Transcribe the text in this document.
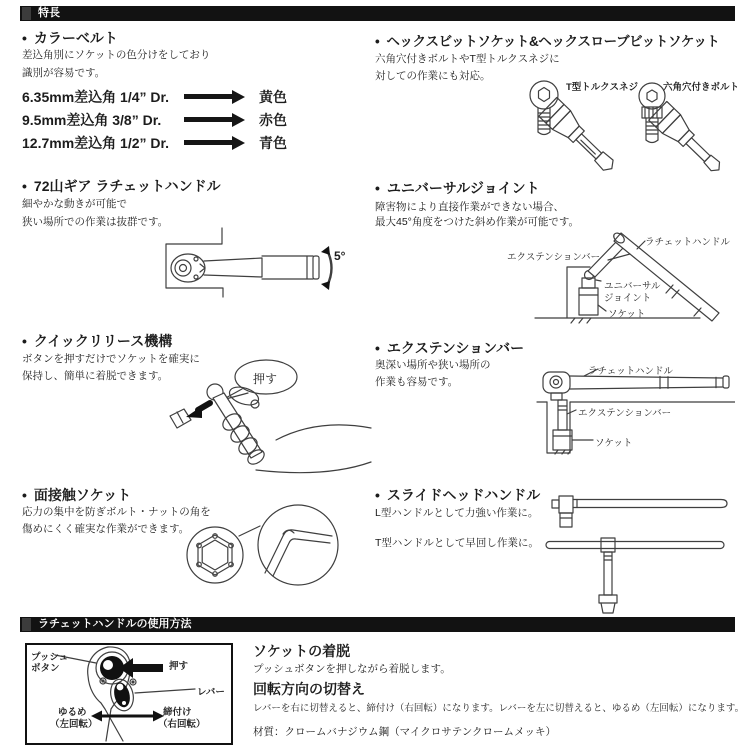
特長
• カラーベルト
差込角別にソケットの色分けをしており
識別が容易です。
6.35mm差込角 1/4” Dr.	黄色
9.5mm差込角 3/8” Dr.	赤色
12.7mm差込角 1/2” Dr.	青色
• 72山ギア ラチェットハンドル
細やかな動きが可能で
狭い場所での作業は抜群です。
5°
• クイックリリース機構
ボタンを押すだけでソケットを確実に
保持し、簡単に着脱できます。	押す
• 面接触ソケット
応力の集中を防ぎボルト・ナットの角を
傷めにくく確実な作業ができます。
• ヘックスビットソケット&ヘックスローブビットソケット
六角穴付きボルトやT型トルクスネジに
対しての作業にも対応。
T型トルクスネジ	六角穴付きボルト
• ユニバーサルジョイント
障害物により直接作業ができない場合、
最大45°角度をつけた斜め作業が可能です。
エクステンションバー
ラチェットハンドル
ユニバーサル
ジョイント
ソケット
• エクステンションバー
奥深い場所や狭い場所の
作業も容易です。
ラチェットハンドル
エクステンションバー
ソケット
• スライドヘッドハンドル
L型ハンドルとして力強い作業に。
T型ハンドルとして早回し作業に。
ラチェットハンドルの使用方法
プッシュ
ボタン	押す
レバー
ゆるめ
（左回転）
締付け
（右回転）
ソケットの着脱
プッシュボタンを押しながら着脱します。
回転方向の切替え
レバーを右に切替えると、締付け（右回転）になります。レバーを左に切替えると、ゆるめ（左回転）になります。
材質：クロームバナジウム鋼（マイクロサテンクロームメッキ）
